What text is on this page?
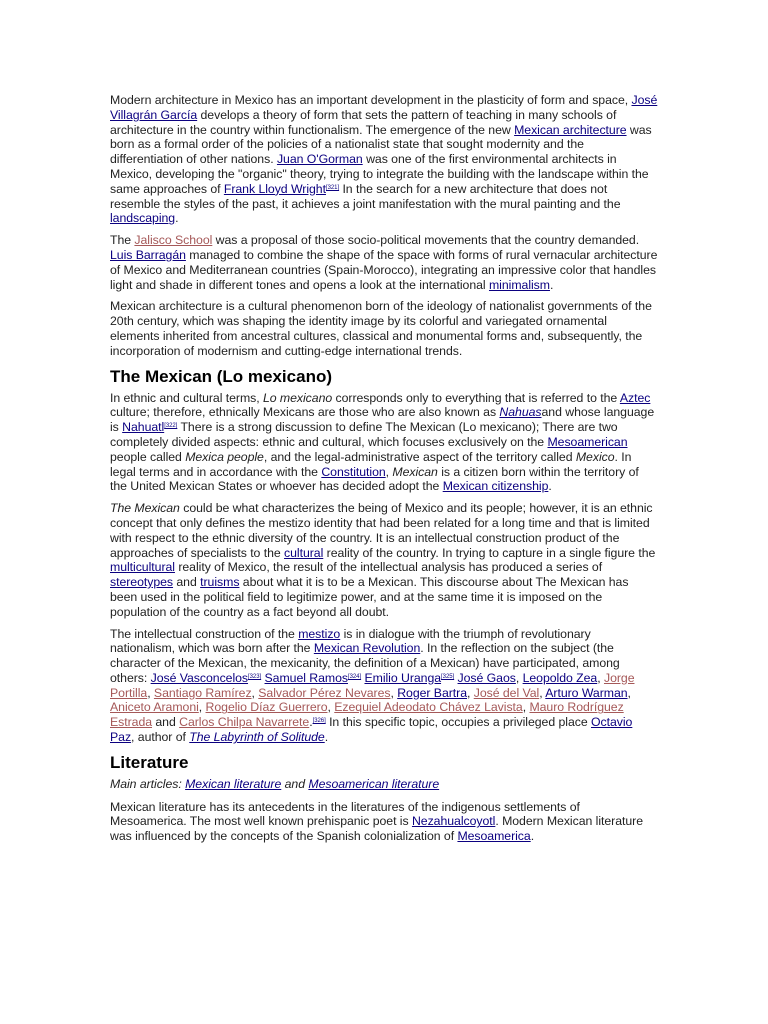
Modern architecture in Mexico has an important development in the plasticity of form and space, José Villagrán García develops a theory of form that sets the pattern of teaching in many schools of architecture in the country within functionalism. The emergence of the new Mexican architecture was born as a formal order of the policies of a nationalist state that sought modernity and the differentiation of other nations. Juan O'Gorman was one of the first environmental architects in Mexico, developing the "organic" theory, trying to integrate the building with the landscape within the same approaches of Frank Lloyd Wright[321] In the search for a new architecture that does not resemble the styles of the past, it achieves a joint manifestation with the mural painting and the landscaping.

The Jalisco School was a proposal of those socio-political movements that the country demanded. Luis Barragán managed to combine the shape of the space with forms of rural vernacular architecture of Mexico and Mediterranean countries (Spain-Morocco), integrating an impressive color that handles light and shade in different tones and opens a look at the international minimalism.

Mexican architecture is a cultural phenomenon born of the ideology of nationalist governments of the 20th century, which was shaping the identity image by its colorful and variegated ornamental elements inherited from ancestral cultures, classical and monumental forms and, subsequently, the incorporation of modernism and cutting-edge international trends.

The Mexican (Lo mexicano)

In ethnic and cultural terms, Lo mexicano corresponds only to everything that is referred to the Aztec culture; therefore, ethnically Mexicans are those who are also known as Nahuasand whose language is Nahuatl[322] There is a strong discussion to define The Mexican (Lo mexicano); There are two completely divided aspects: ethnic and cultural, which focuses exclusively on the Mesoamerican people called Mexica people, and the legal-administrative aspect of the territory called Mexico. In legal terms and in accordance with the Constitution, Mexican is a citizen born within the territory of the United Mexican States or whoever has decided adopt the Mexican citizenship.

The Mexican could be what characterizes the being of Mexico and its people; however, it is an ethnic concept that only defines the mestizo identity that had been related for a long time and that is limited with respect to the ethnic diversity of the country. It is an intellectual construction product of the approaches of specialists to the cultural reality of the country. In trying to capture in a single figure the multicultural reality of Mexico, the result of the intellectual analysis has produced a series of stereotypes and truisms about what it is to be a Mexican. This discourse about The Mexican has been used in the political field to legitimize power, and at the same time it is imposed on the population of the country as a fact beyond all doubt.

The intellectual construction of the mestizo is in dialogue with the triumph of revolutionary nationalism, which was born after the Mexican Revolution. In the reflection on the subject (the character of the Mexican, the mexicanity, the definition of a Mexican) have participated, among others: José Vasconcelos[323] Samuel Ramos[324] Emilio Uranga[325] José Gaos, Leopoldo Zea, Jorge Portilla, Santiago Ramírez, Salvador Pérez Nevares, Roger Bartra, José del Val, Arturo Warman, Aniceto Aramoni, Rogelio Díaz Guerrero, Ezequiel Adeodato Chávez Lavista, Mauro Rodríguez Estrada and Carlos Chilpa Navarrete.[326] In this specific topic, occupies a privileged place Octavio Paz, author of The Labyrinth of Solitude.

Literature

Main articles: Mexican literature and Mesoamerican literature

Mexican literature has its antecedents in the literatures of the indigenous settlements of Mesoamerica. The most well known prehispanic poet is Nezahualcoyotl. Modern Mexican literature was influenced by the concepts of the Spanish colonialization of Mesoamerica.
